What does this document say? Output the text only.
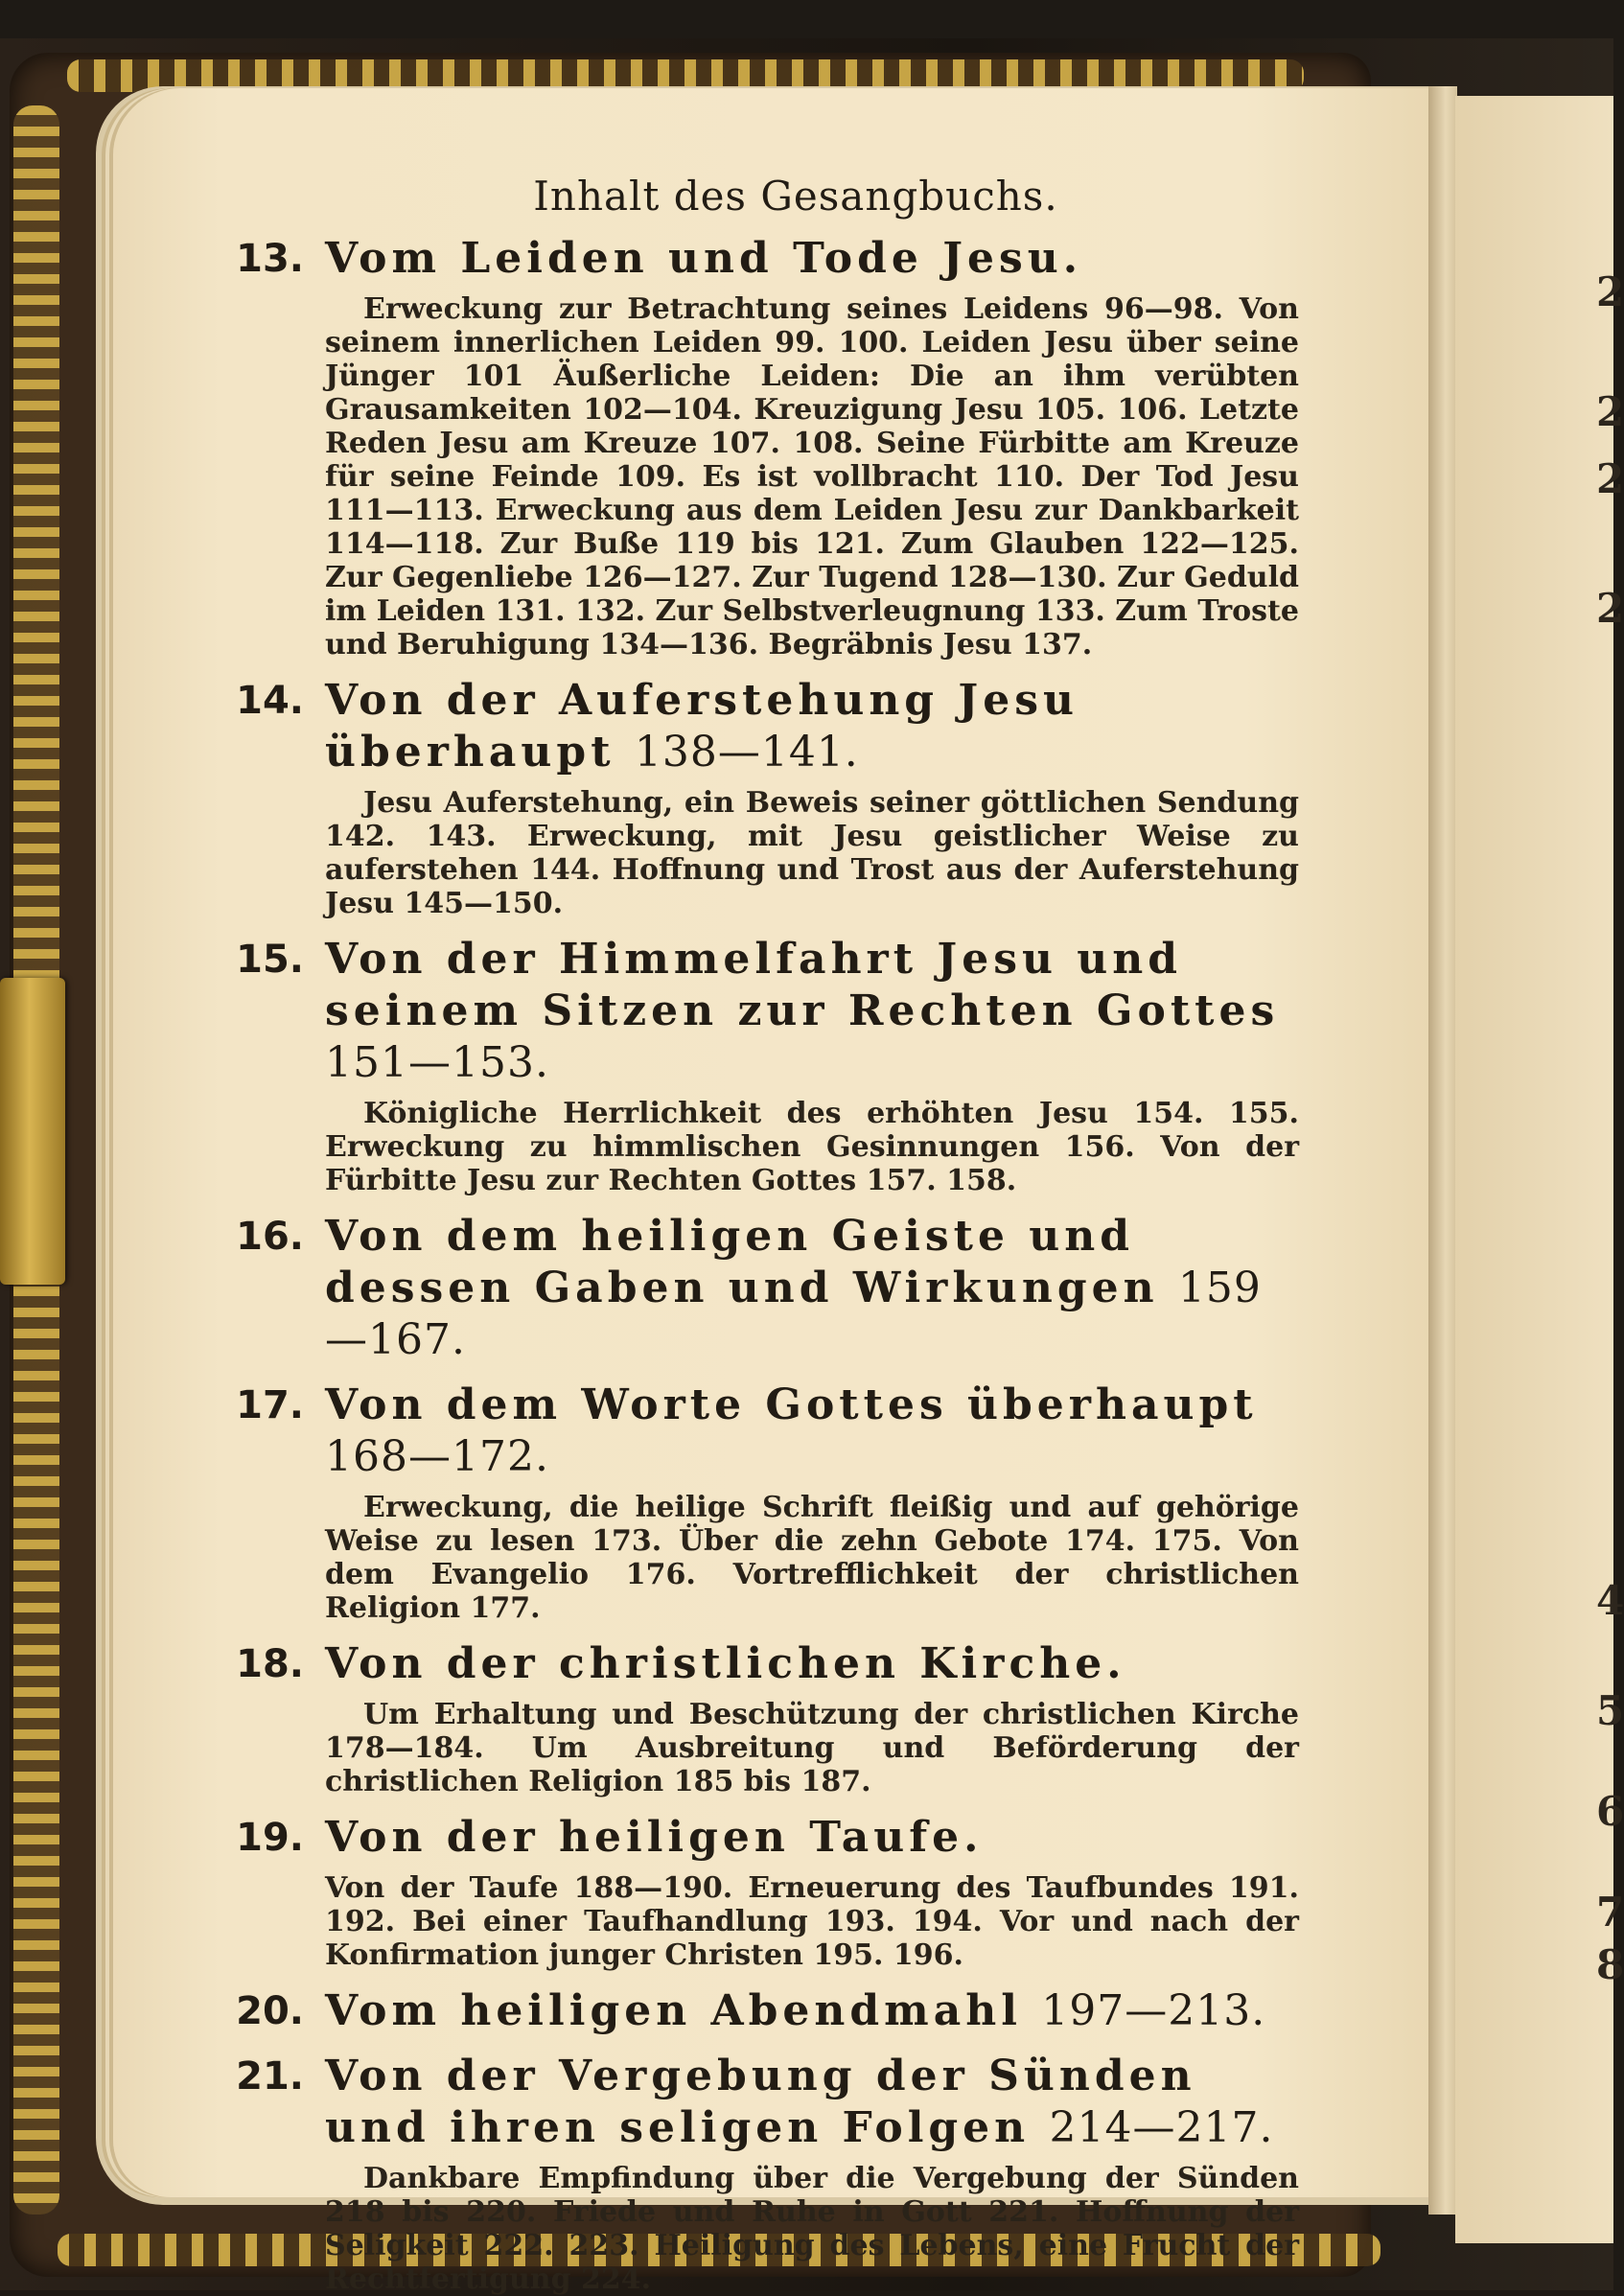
2
2
2
2
4
5
6
7
8
Inhalt des Gesangbuchs.
13. Vom Leiden und Tode Jesu.
Erweckung zur Betrachtung seines Leidens 96—98. Von seinem innerlichen Leiden 99. 100. Leiden Jesu über seine Jünger 101 Äußerliche Leiden: Die an ihm verübten Grausamkeiten 102—104. Kreuzigung Jesu 105. 106. Letzte Reden Jesu am Kreuze 107. 108. Seine Fürbitte am Kreuze für seine Feinde 109. Es ist vollbracht 110. Der Tod Jesu 111—113. Erweckung aus dem Leiden Jesu zur Dankbarkeit 114—118. Zur Buße 119 bis 121. Zum Glauben 122—125. Zur Gegenliebe 126—127. Zur Tugend 128—130. Zur Geduld im Leiden 131. 132. Zur Selbstverleugnung 133. Zum Troste und Beruhigung 134—136. Begräbnis Jesu 137.
14. Von der Auferstehung Jesu überhaupt 138—141.
Jesu Auferstehung, ein Beweis seiner göttlichen Sendung 142. 143. Erweckung, mit Jesu geistlicher Weise zu auferstehen 144. Hoffnung und Trost aus der Auferstehung Jesu 145—150.
15. Von der Himmelfahrt Jesu und seinem Sitzen zur Rechten Gottes 151—153.
Königliche Herrlichkeit des erhöhten Jesu 154. 155. Erweckung zu himmlischen Gesinnungen 156. Von der Fürbitte Jesu zur Rechten Gottes 157. 158.
16. Von dem heiligen Geiste und dessen Gaben und Wirkungen 159—167.
17. Von dem Worte Gottes überhaupt 168—172.
Erweckung, die heilige Schrift fleißig und auf gehörige Weise zu lesen 173. Über die zehn Gebote 174. 175. Von dem Evangelio 176. Vortrefflichkeit der christlichen Religion 177.
18. Von der christlichen Kirche.
Um Erhaltung und Beschützung der christlichen Kirche 178—184. Um Ausbreitung und Beförderung der christlichen Religion 185 bis 187.
19. Von der heiligen Taufe.
Von der Taufe 188—190. Erneuerung des Taufbundes 191. 192. Bei einer Taufhandlung 193. 194. Vor und nach der Konfirmation junger Christen 195. 196.
20. Vom heiligen Abendmahl 197—213.
21. Von der Vergebung der Sünden und ihren seligen Folgen 214—217.
Dankbare Empfindung über die Vergebung der Sünden 218 bis 220. Friede und Ruhe in Gott 221. Hoffnung der Seligkeit 222. 223. Heiligung des Lebens, eine Frucht der Rechtfertigung 224.
